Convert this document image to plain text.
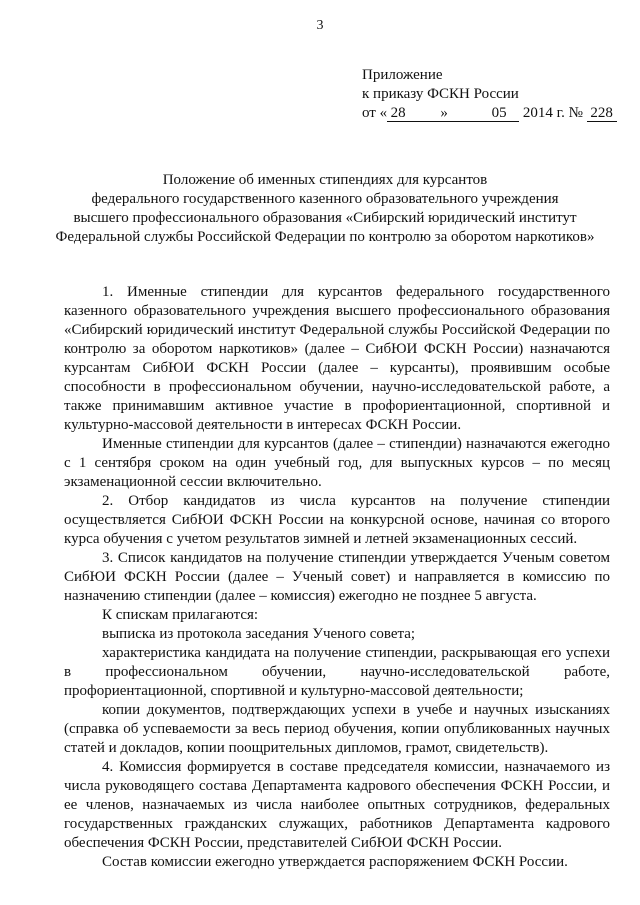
3
Приложение
к приказу ФСКН России
от « 28 »	05 2014 г. № 228
Положение об именных стипендиях для курсантов
федерального государственного казенного образовательного учреждения
высшего профессионального образования «Сибирский юридический институт
Федеральной службы Российской Федерации по контролю за оборотом наркотиков»

1. Именные стипендии для курсантов федерального государственного казенного образовательного учреждения высшего профессионального образования «Сибирский юридический институт Федеральной службы Российской Федерации по контролю за оборотом наркотиков» (далее – СибЮИ ФСКН России) назначаются курсантам СибЮИ ФСКН России (далее – курсанты), проявившим особые способности в профессиональном обучении, научно-исследовательской работе, а также принимавшим активное участие в профориентационной, спортивной и культурно-массовой деятельности в интересах ФСКН России.

Именные стипендии для курсантов (далее – стипендии) назначаются ежегодно с 1 сентября сроком на один учебный год, для выпускных курсов – по месяц экзаменационной сессии включительно.

2. Отбор кандидатов из числа курсантов на получение стипендии осуществляется СибЮИ ФСКН России на конкурсной основе, начиная со второго курса обучения с учетом результатов зимней и летней экзаменационных сессий.

3. Список кандидатов на получение стипендии утверждается Ученым советом СибЮИ ФСКН России (далее – Ученый совет) и направляется в комиссию по назначению стипендии (далее – комиссия) ежегодно не позднее 5 августа.

К спискам прилагаются:

выписка из протокола заседания Ученого совета;

характеристика кандидата на получение стипендии, раскрывающая его успехи в профессиональном обучении, научно-исследовательской работе, профориентационной, спортивной и культурно-массовой деятельности;

копии документов, подтверждающих успехи в учебе и научных изысканиях (справка об успеваемости за весь период обучения, копии опубликованных научных статей и докладов, копии поощрительных дипломов, грамот, свидетельств).

4. Комиссия формируется в составе председателя комиссии, назначаемого из числа руководящего состава Департамента кадрового обеспечения ФСКН России, и ее членов, назначаемых из числа наиболее опытных сотрудников, федеральных государственных гражданских служащих, работников Департамента кадрового обеспечения ФСКН России, представителей СибЮИ ФСКН России.

Состав комиссии ежегодно утверждается распоряжением ФСКН России.
